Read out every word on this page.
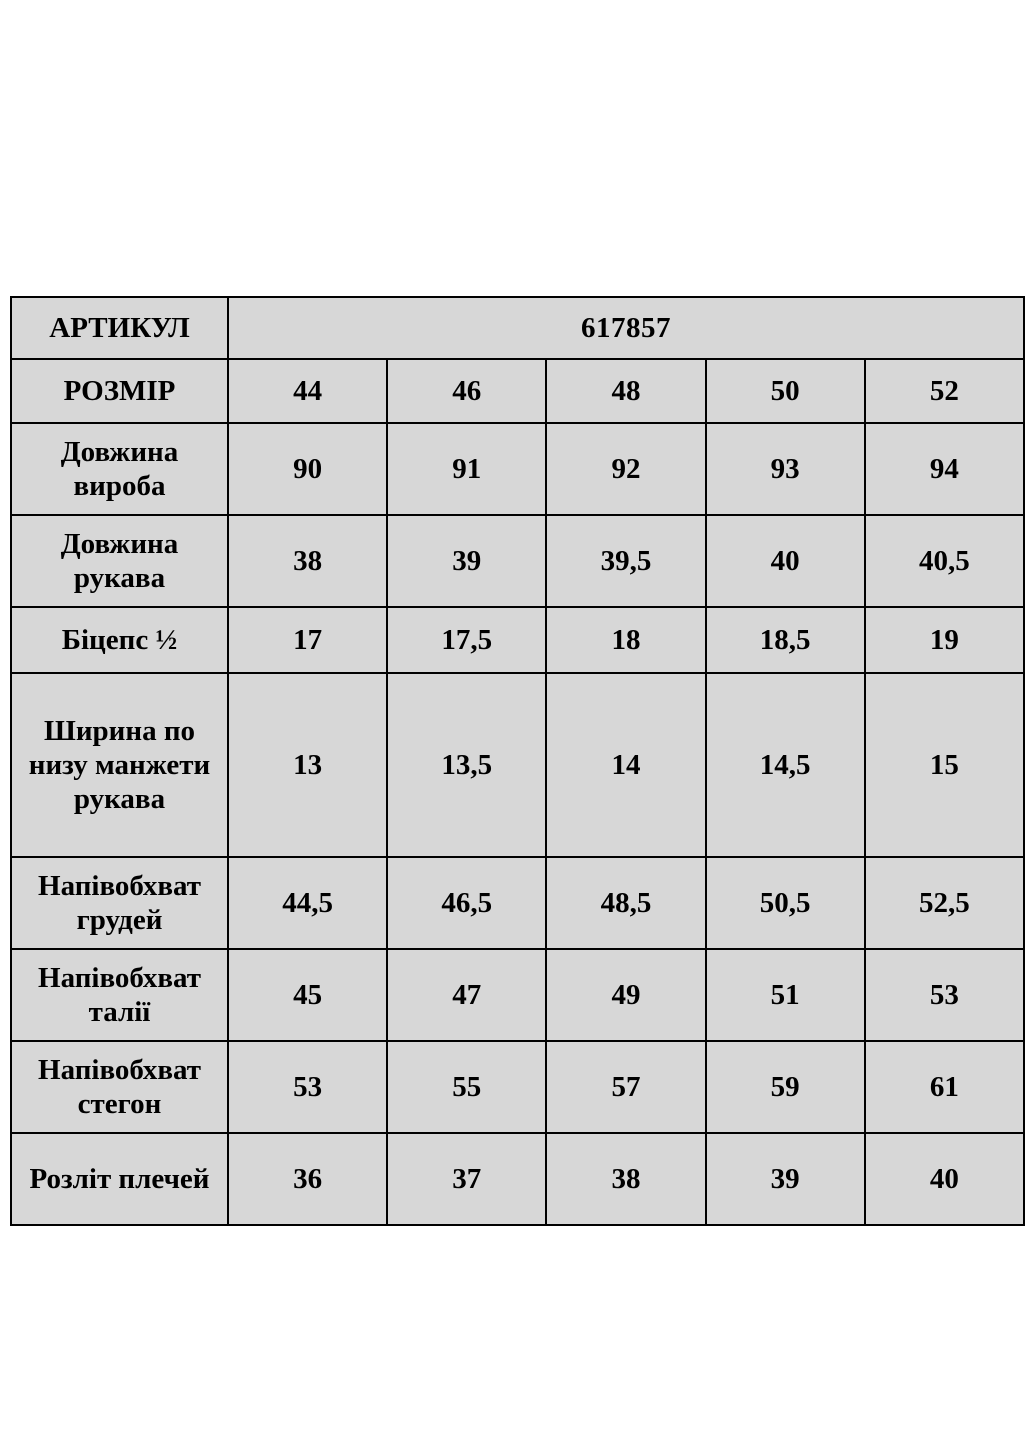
АРТИКУЛ	617857				
РОЗМІР	44	46	48	50	52
Довжина вироба	90	91	92	93	94
Довжина рукава	38	39	39,5	40	40,5
Біцепс ½	17	17,5	18	18,5	19
Ширина по низу манжети рукава	13	13,5	14	14,5	15
Напівобхват грудей	44,5	46,5	48,5	50,5	52,5
Напівобхват талії	45	47	49	51	53
Напівобхват стегон	53	55	57	59	61
Розліт плечей	36	37	38	39	40
